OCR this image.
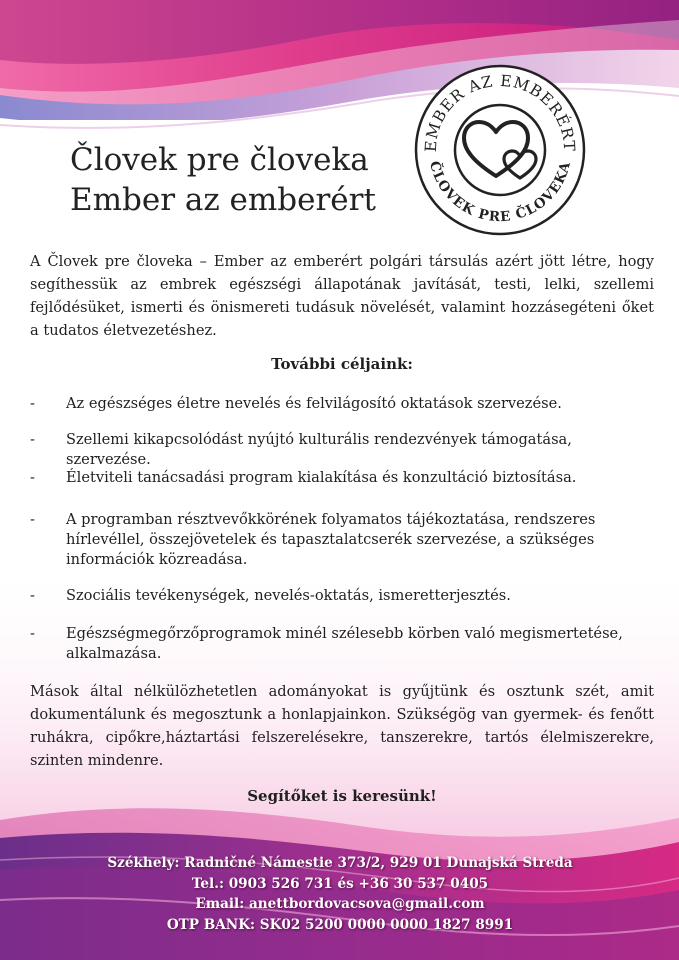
Človek pre človeka
Ember az emberért
EMBER AZ EMBERÉRT
ČLOVEK PRE ČLOVEKA
A Človek pre človeka – Ember az emberért polgári társulás azért jött létre, hogy segíthessük az embrek egészségi állapotának javítását, testi, lelki, szellemi fejlődésüket, ismerti és önismereti tudásuk növelését, valamint hozzásegéteni őket a tudatos életvezetéshez.
További céljaink:
- Az egészséges életre nevelés és felvilágosító oktatások szervezése.
- Szellemi kikapcsolódást nyújtó kulturális rendezvények támogatása, szervezése.
- Életviteli tanácsadási program kialakítása és konzultáció biztosítása.
- A programban résztvevőkkörének folyamatos tájékoztatása, rendszeres hírlevéllel, összejövetelek és tapasztalatcserék szervezése, a szükséges információk közreadása.
- Szociális tevékenységek, nevelés-oktatás, ismeretterjesztés.
- Egészségmegőrzőprogramok minél szélesebb körben való megismertetése, alkalmazása.
Mások által nélkülözhetetlen adományokat is gyűjtünk és osztunk szét, amit dokumentálunk és megosztunk a honlapjainkon. Szükségög van gyermek- és fenőtt ruhákra, cipőkre,háztartási felszerelésekre, tanszerekre, tartós élelmiszerekre, szinten mindenre.
Segítőket is keresünk!
Székhely: Radničné Námestie 373/2, 929 01 Dunajská Streda
Tel.: 0903 526 731 és +36 30 537 0405
Email: anettbordovacsova@gmail.com
OTP BANK: SK02 5200 0000 0000 1827 8991
